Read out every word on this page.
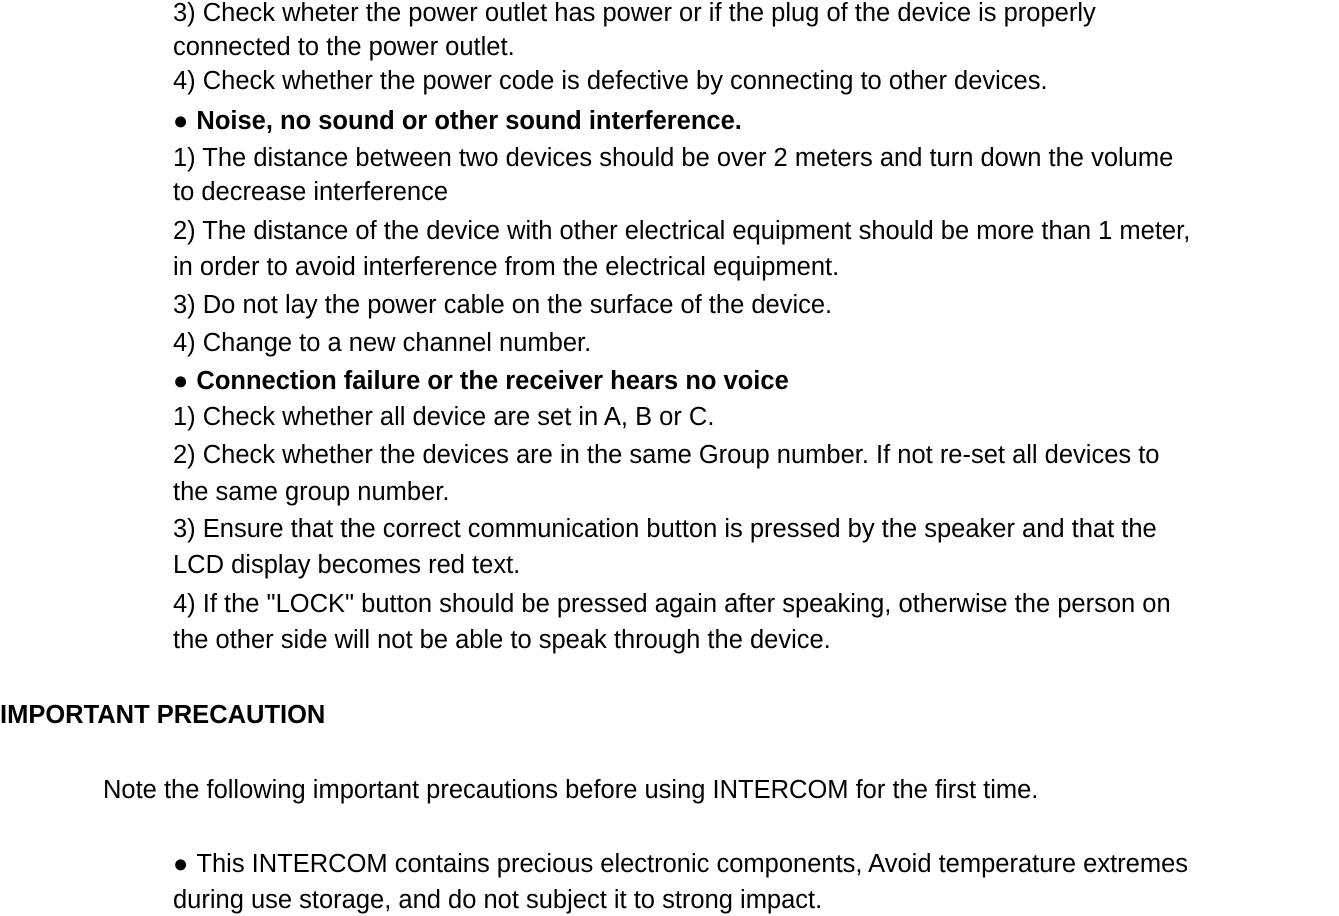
3) Check wheter the power outlet has power or if the plug of the device is properly
connected to the power outlet.
4) Check whether the power code is defective by connecting to other devices.
● Noise, no sound or other sound interference.
1) The distance between two devices should be over 2 meters and turn down the volume
to decrease interference
2) The distance of the device with other electrical equipment should be more than 1 meter,
in order to avoid interference from the electrical equipment.
3) Do not lay the power cable on the surface of the device.
4) Change to a new channel number.
● Connection failure or the receiver hears no voice
1) Check whether all device are set in A, B or C.
2) Check whether the devices are in the same Group number. If not re-set all devices to
the same group number.
3) Ensure that the correct communication button is pressed by the speaker and that the
LCD display becomes red text.
4) If the "LOCK" button should be pressed again after speaking, otherwise the person on
the other side will not be able to speak through the device.
IMPORTANT PRECAUTION
Note the following important precautions before using INTERCOM for the first time.
● This INTERCOM contains precious electronic components, Avoid temperature extremes
during use storage, and do not subject it to strong impact.
